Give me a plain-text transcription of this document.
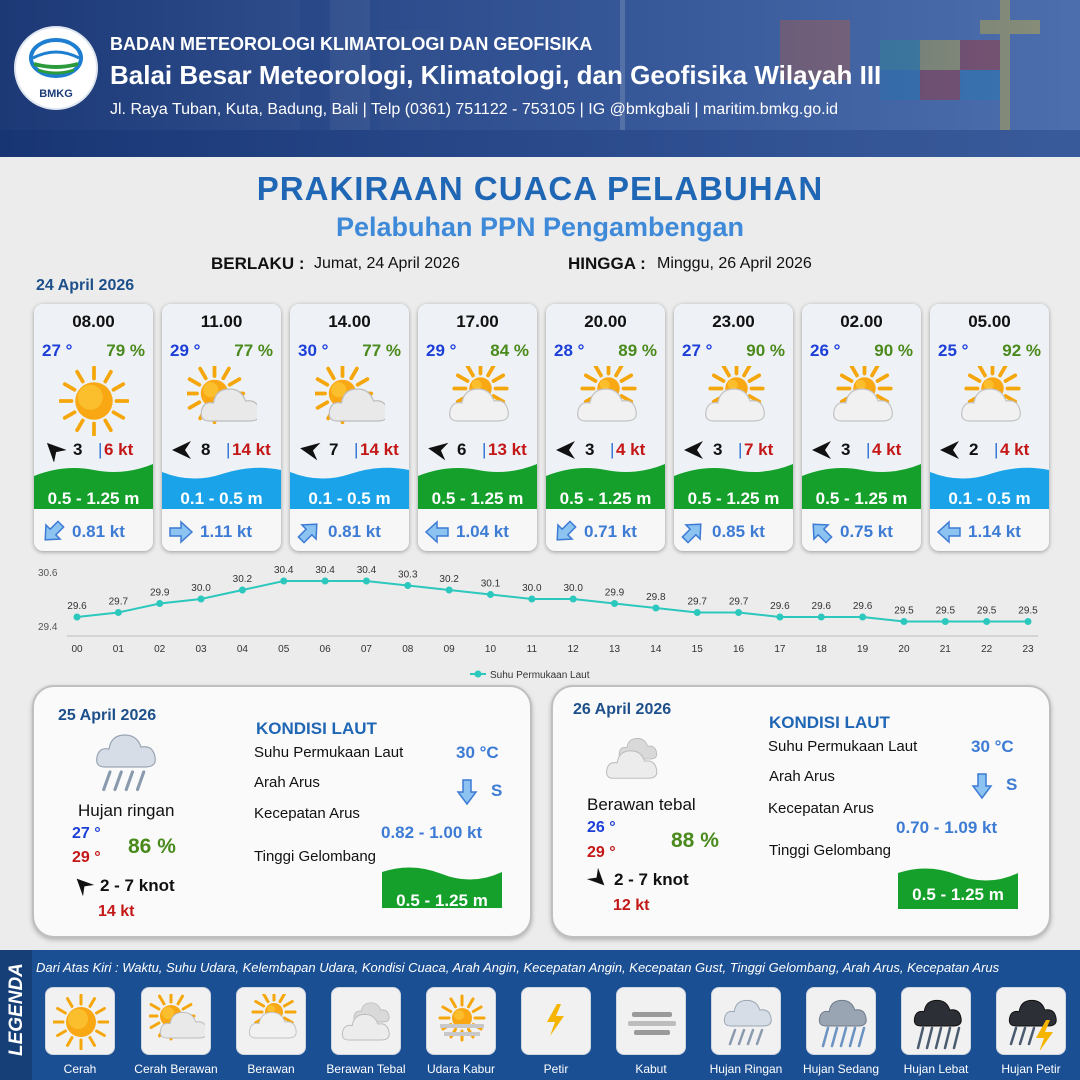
BMKG
BADAN METEOROLOGI KLIMATOLOGI DAN GEOFISIKA
Balai Besar Meteorologi, Klimatologi, dan Geofisika Wilayah III
Jl. Raya Tuban, Kuta, Badung, Bali | Telp (0361) 751122 - 753105 | IG @bmkgbali | maritim.bmkg.go.id
PRAKIRAAN CUACA PELABUHAN
Pelabuhan PPN Pengambengan
BERLAKU : Jumat, 24 April 2026	HINGGA : Minggu, 26 April 2026
24 April 2026
08.00
27 ° 79 %
3 | 6 kt
0.5 - 1.25 m
0.81 kt
11.00
29 ° 77 %
8 | 14 kt
0.1 - 0.5 m
1.11 kt
14.00
30 ° 77 %
7 | 14 kt
0.1 - 0.5 m
0.81 kt
17.00
29 ° 84 %
6 | 13 kt
0.5 - 1.25 m
1.04 kt
20.00
28 ° 89 %
3 | 4 kt
0.5 - 1.25 m
0.71 kt
23.00
27 ° 90 %
3 | 7 kt
0.5 - 1.25 m
0.85 kt
02.00
26 ° 90 %
3 | 4 kt
0.5 - 1.25 m
0.75 kt
05.00
25 ° 92 %
2 | 4 kt
0.1 - 0.5 m
1.14 kt
30.6
29.4
29.6
00
29.7
01
29.9
02
30.0
03
30.2
04
30.4
05
30.4
06
30.4
07
30.3
08
30.2
09
30.1
10
30.0
11
30.0
12
29.9
13
29.8
14
29.7
15
29.7
16
29.6
17
29.6
18
29.6
19
29.5
20
29.5
21
29.5
22
29.5
23
Suhu Permukaan Laut
25 April 2026
Hujan ringan
27 °
29 ° 86 %
2 - 7 knot
14 kt
KONDISI LAUT
Suhu Permukaan Laut	30 °C
Arah Arus	S
Kecepatan Arus
0.82 - 1.00 kt
Tinggi Gelombang
0.5 - 1.25 m
26 April 2026
Berawan tebal
26 °
29 °
88 %
2 - 7 knot
12 kt
KONDISI LAUT
Suhu Permukaan Laut	30 °C
Arah Arus	S
Kecepatan Arus
0.70 - 1.09 kt
Tinggi Gelombang
0.5 - 1.25 m
LEGENDA Dari Atas Kiri : Waktu, Suhu Udara, Kelembapan Udara, Kondisi Cuaca, Arah Angin, Kecepatan Angin, Kecepatan Gust, Tinggi Gelombang, Arah Arus, Kecepatan Arus
Cerah	Cerah Berawan	Berawan	Berawan Tebal	Udara Kabur	Petir	Kabut	Hujan Ringan	Hujan Sedang	Hujan Lebat	Hujan Petir
